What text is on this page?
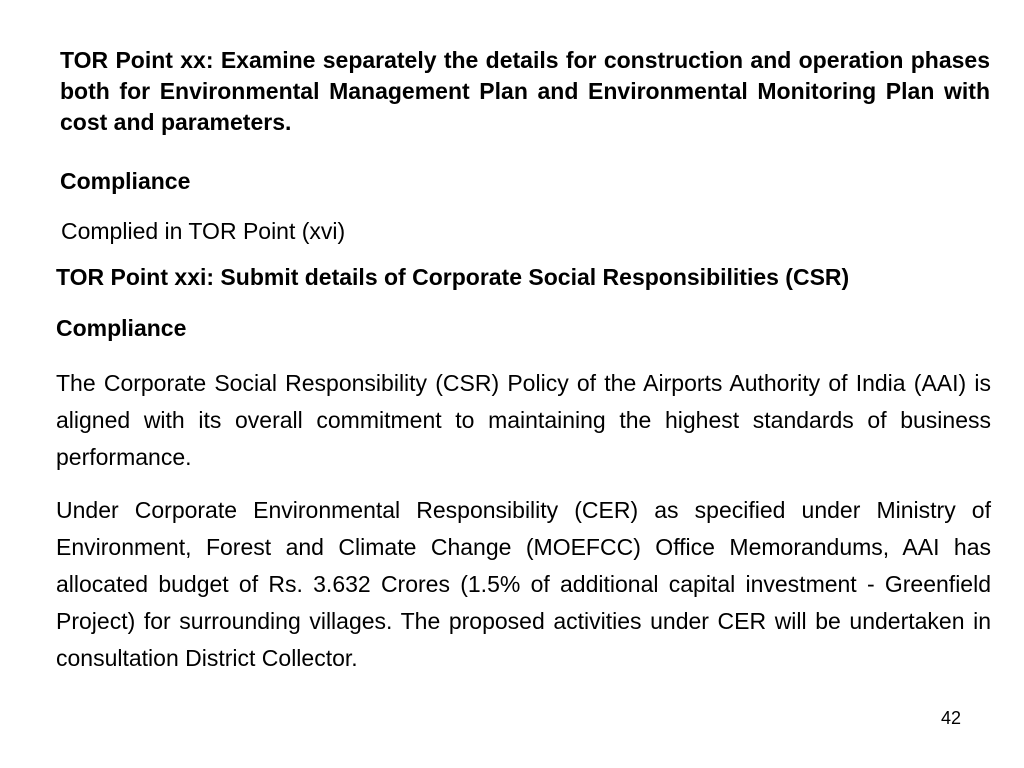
TOR Point xx: Examine separately the details for construction and operation phases both for Environmental Management Plan and Environmental Monitoring Plan with cost and parameters.

Compliance

Complied in TOR Point (xvi)

TOR Point xxi: Submit details of Corporate Social Responsibilities (CSR)

Compliance

The Corporate Social Responsibility (CSR) Policy of the Airports Authority of India (AAI) is aligned with its overall commitment to maintaining the highest standards of business performance.

Under Corporate Environmental Responsibility (CER) as specified under Ministry of Environment, Forest and Climate Change (MOEFCC) Office Memorandums, AAI has allocated budget of Rs. 3.632 Crores (1.5% of additional capital investment - Greenfield Project) for surrounding villages. The proposed activities under CER will be undertaken in consultation District Collector.

42
